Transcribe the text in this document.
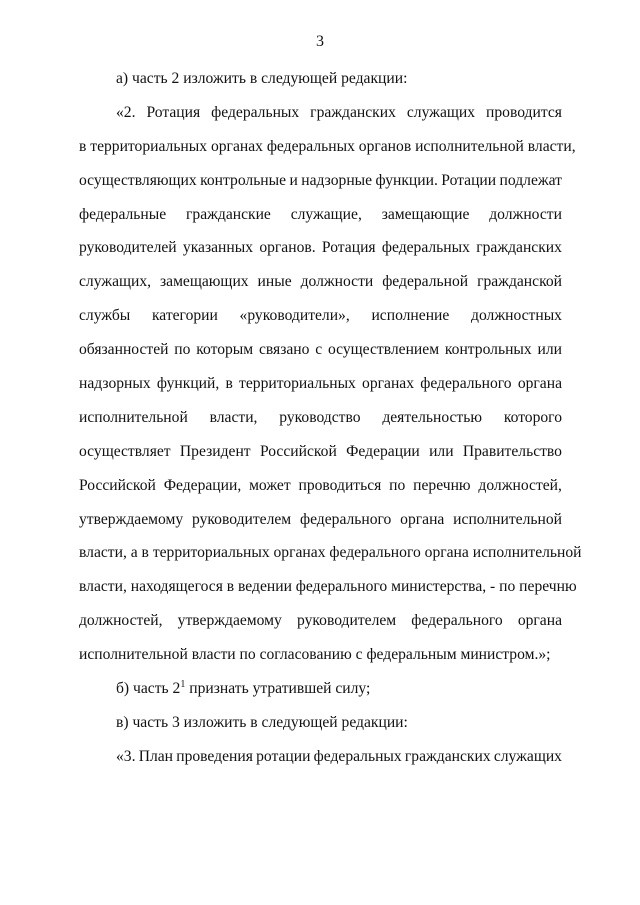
3
а) часть 2 изложить в следующей редакции:
«2. Ротация федеральных гражданских служащих проводится
в территориальных органах федеральных органов исполнительной власти,
осуществляющих контрольные и надзорные функции. Ротации подлежат
федеральные гражданские служащие, замещающие должности
руководителей указанных органов. Ротация федеральных гражданских
служащих, замещающих иные должности федеральной гражданской
службы категории «руководители», исполнение должностных
обязанностей по которым связано с осуществлением контрольных или
надзорных функций, в территориальных органах федерального органа
исполнительной власти, руководство деятельностью которого
осуществляет Президент Российской Федерации или Правительство
Российской Федерации, может проводиться по перечню должностей,
утверждаемому руководителем федерального органа исполнительной
власти, а в территориальных органах федерального органа исполнительной
власти, находящегося в ведении федерального министерства, - по перечню
должностей, утверждаемому руководителем федерального органа
исполнительной власти по согласованию с федеральным министром.»;
б) часть $2^1$ признать утратившей силу;
в) часть 3 изложить в следующей редакции:
«3. План проведения ротации федеральных гражданских служащих
